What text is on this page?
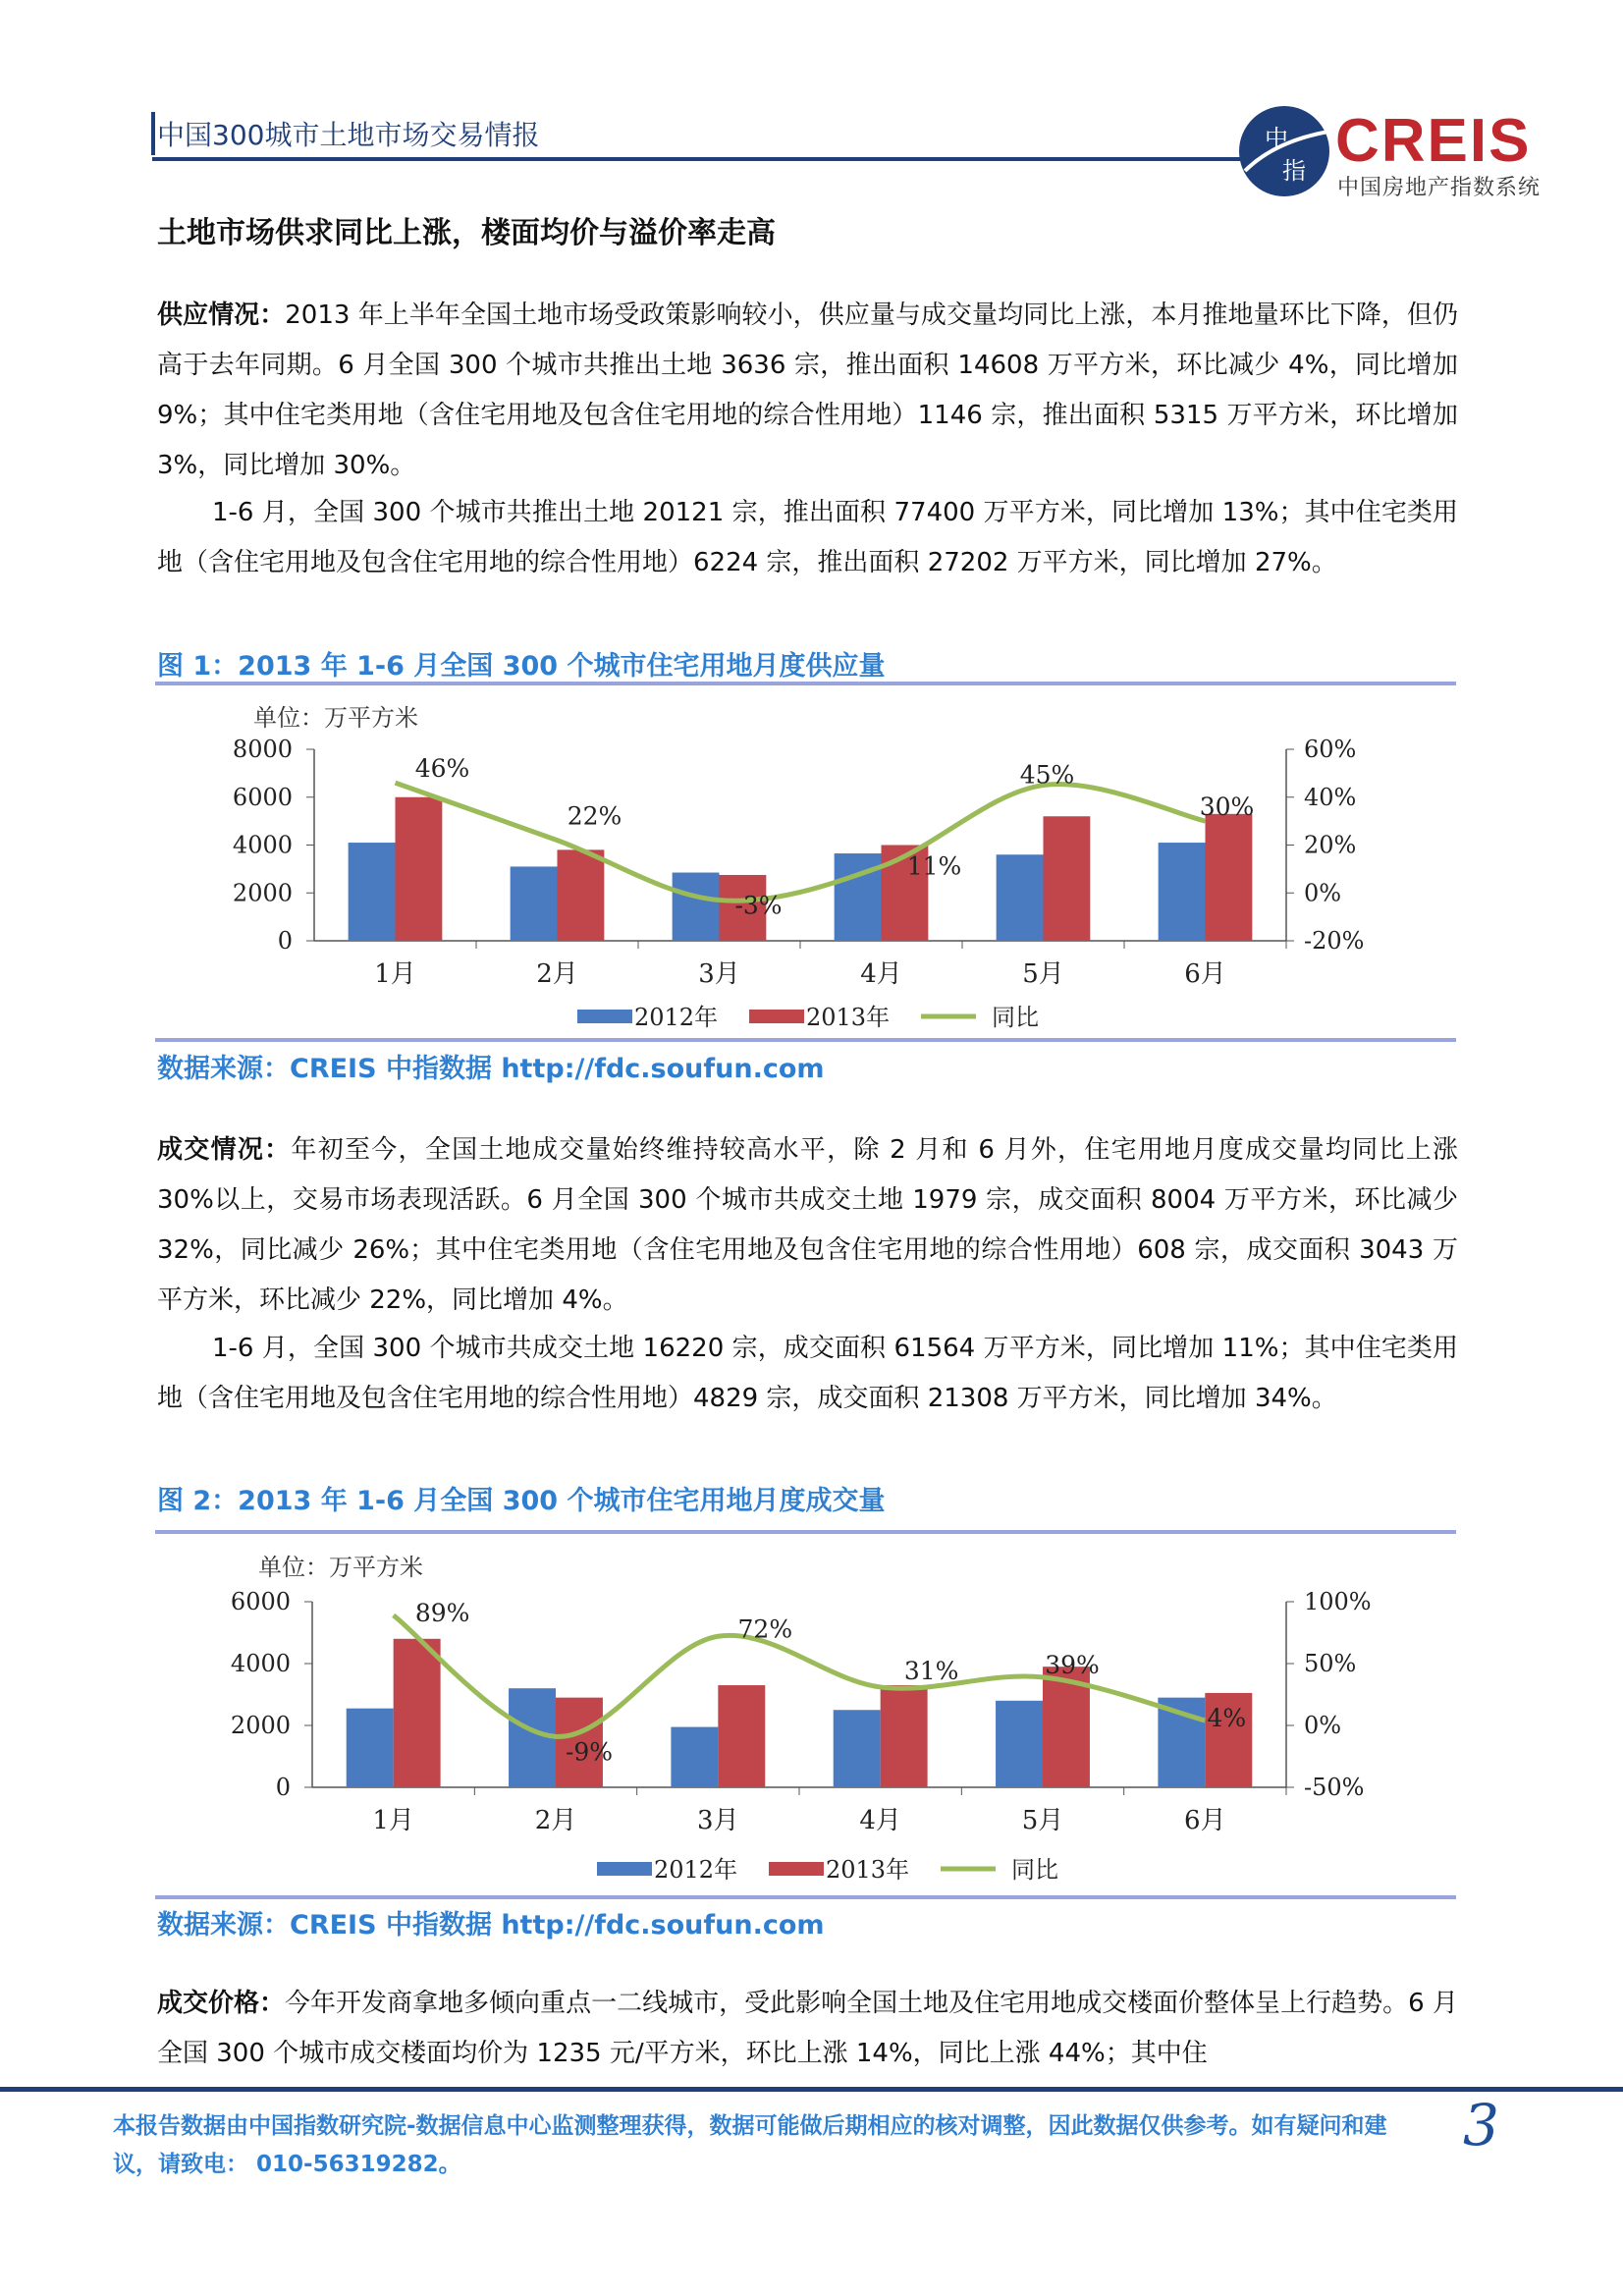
中国300城市土地市场交易情报	中
指 CREIS
中国房地产指数系统
土地市场供求同比上涨，楼面均价与溢价率走高
供应情况：2013 年上半年全国土地市场受政策影响较小，供应量与成交量均同比上涨，本月推地量环比下降，但仍高于去年同期。6 月全国 300 个城市共推出土地 3636 宗，推出面积 14608 万平方米，环比减少 4%，同比增加 9%；其中住宅类用地（含住宅用地及包含住宅用地的综合性用地）1146 宗，推出面积 5315 万平方米，环比增加 3%，同比增加 30%。
1-6 月，全国 300 个城市共推出土地 20121 宗，推出面积 77400 万平方米，同比增加 13%；其中住宅类用地（含住宅用地及包含住宅用地的综合性用地）6224 宗，推出面积 27202 万平方米，同比增加 27%。
图 1：2013 年 1-6 月全国 300 个城市住宅用地月度供应量
单位：万平方米
8000
6000
4000
2000
0
60%
40%
20%
0%
-20%
1月	2月	3月	4月	5月	6月
46%
22%
-3%
11%
45%
30%
2012年	2013年	同比
数据来源：CREIS 中指数据 http://fdc.soufun.com
成交情况：年初至今，全国土地成交量始终维持较高水平，除 2 月和 6 月外，住宅用地月度成交量均同比上涨 30%以上，交易市场表现活跃。6 月全国 300 个城市共成交土地 1979 宗，成交面积 8004 万平方米，环比减少 32%，同比减少 26%；其中住宅类用地（含住宅用地及包含住宅用地的综合性用地）608 宗，成交面积 3043 万平方米，环比减少 22%，同比增加 4%。
1-6 月，全国 300 个城市共成交土地 16220 宗，成交面积 61564 万平方米，同比增加 11%；其中住宅类用地（含住宅用地及包含住宅用地的综合性用地）4829 宗，成交面积 21308 万平方米，同比增加 34%。
图 2：2013 年 1-6 月全国 300 个城市住宅用地月度成交量
单位：万平方米
6000
4000
2000
0
100%
50%
0%
-50%
1月	2月	3月	4月	5月	6月
89%
-9%
72%
31%	39%
4%
2012年	2013年	同比
数据来源：CREIS 中指数据 http://fdc.soufun.com
成交价格：今年开发商拿地多倾向重点一二线城市，受此影响全国土地及住宅用地成交楼面价整体呈上行趋势。6 月全国 300 个城市成交楼面均价为 1235 元/平方米，环比上涨 14%，同比上涨 44%；其中住
本报告数据由中国指数研究院-数据信息中心监测整理获得，数据可能做后期相应的核对调整，因此数据仅供参考。如有疑问和建议，请致电： 010-56319282。
3
